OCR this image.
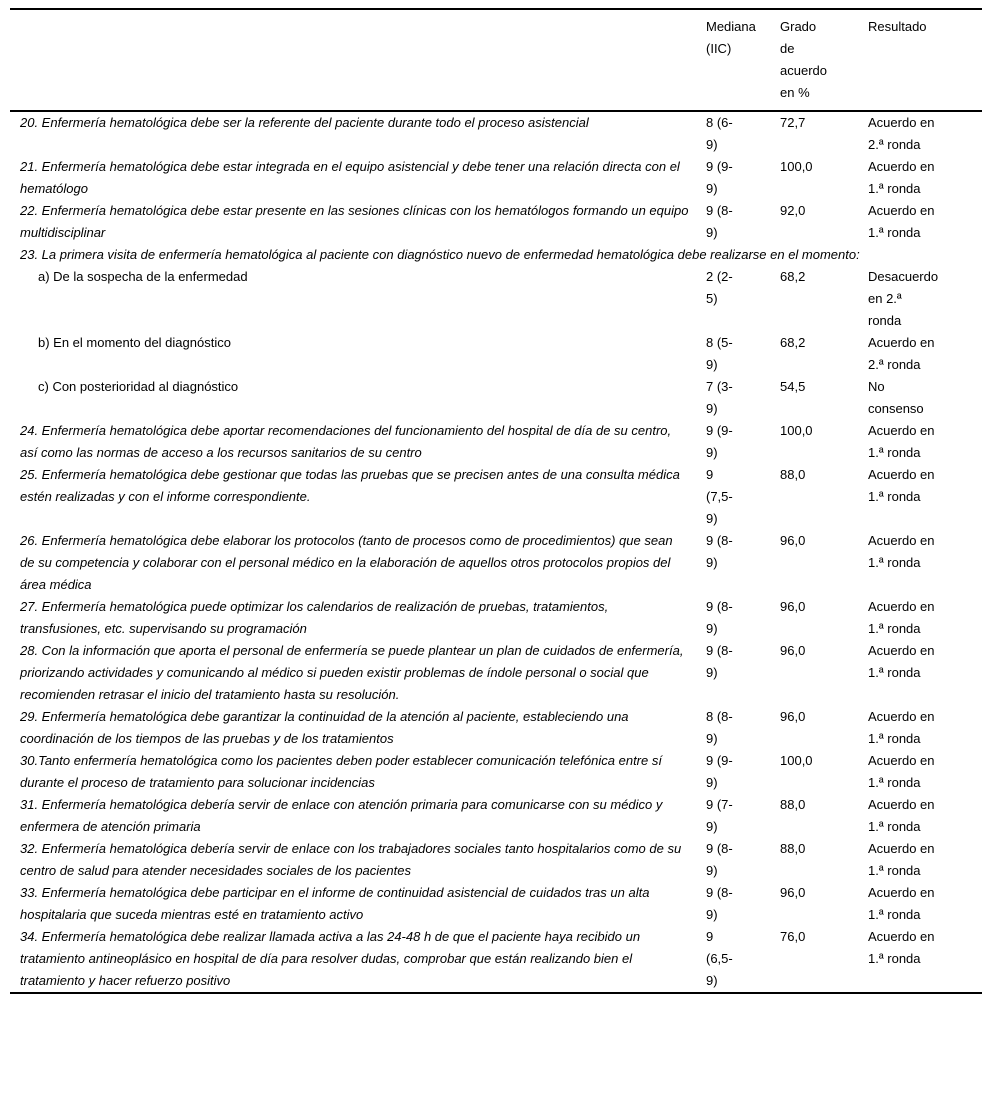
	Mediana (IIC)	Grado de acuerdo en %	Resultado

20. Enfermería hematológica debe ser la referente del paciente durante todo el proceso asistencial	8 (6-9)	72,7	Acuerdo en 2.ª ronda

21. Enfermería hematológica debe estar integrada en el equipo asistencial y debe tener una relación directa con el hematólogo	9 (9-9)	100,0	Acuerdo en 1.ª ronda

22. Enfermería hematológica debe estar presente en las sesiones clínicas con los hematólogos formando un equipo multidisciplinar	9 (8-9)	92,0	Acuerdo en 1.ª ronda

23. La primera visita de enfermería hematológica al paciente con diagnóstico nuevo de enfermedad hematológica debe realizarse en el momento:			

a) De la sospecha de la enfermedad	2 (2-5)	68,2	Desacuerdo en 2.ª ronda

b) En el momento del diagnóstico	8 (5-9)	68,2	Acuerdo en 2.ª ronda

c) Con posterioridad al diagnóstico	7 (3-9)	54,5	No consenso

24. Enfermería hematológica debe aportar recomendaciones del funcionamiento del hospital de día de su centro, así como las normas de acceso a los recursos sanitarios de su centro	9 (9-9)	100,0	Acuerdo en 1.ª ronda

25. Enfermería hematológica debe gestionar que todas las pruebas que se precisen antes de una consulta médica estén realizadas y con el informe correspondiente.	9 (7,5-9)	88,0	Acuerdo en 1.ª ronda

26. Enfermería hematológica debe elaborar los protocolos (tanto de procesos como de procedimientos) que sean de su competencia y colaborar con el personal médico en la elaboración de aquellos otros protocolos propios del área médica	9 (8-9)	96,0	Acuerdo en 1.ª ronda

27. Enfermería hematológica puede optimizar los calendarios de realización de pruebas, tratamientos, transfusiones, etc. supervisando su programación	9 (8-9)	96,0	Acuerdo en 1.ª ronda

28. Con la información que aporta el personal de enfermería se puede plantear un plan de cuidados de enfermería, priorizando actividades y comunicando al médico si pueden existir problemas de índole personal o social que recomienden retrasar el inicio del tratamiento hasta su resolución.	9 (8-9)	96,0	Acuerdo en 1.ª ronda

29. Enfermería hematológica debe garantizar la continuidad de la atención al paciente, estableciendo una coordinación de los tiempos de las pruebas y de los tratamientos	8 (8-9)	96,0	Acuerdo en 1.ª ronda

30.Tanto enfermería hematológica como los pacientes deben poder establecer comunicación telefónica entre sí durante el proceso de tratamiento para solucionar incidencias	9 (9-9)	100,0	Acuerdo en 1.ª ronda

31. Enfermería hematológica debería servir de enlace con atención primaria para comunicarse con su médico y enfermera de atención primaria	9 (7-9)	88,0	Acuerdo en 1.ª ronda

32. Enfermería hematológica debería servir de enlace con los trabajadores sociales tanto hospitalarios como de su centro de salud para atender necesidades sociales de los pacientes	9 (8-9)	88,0	Acuerdo en 1.ª ronda

33. Enfermería hematológica debe participar en el informe de continuidad asistencial de cuidados tras un alta hospitalaria que suceda mientras esté en tratamiento activo	9 (8-9)	96,0	Acuerdo en 1.ª ronda

34. Enfermería hematológica debe realizar llamada activa a las 24-48 h de que el paciente haya recibido un tratamiento antineoplásico en hospital de día para resolver dudas, comprobar que están realizando bien el tratamiento y hacer refuerzo positivo	9 (6,5-9)	76,0	Acuerdo en 1.ª ronda
